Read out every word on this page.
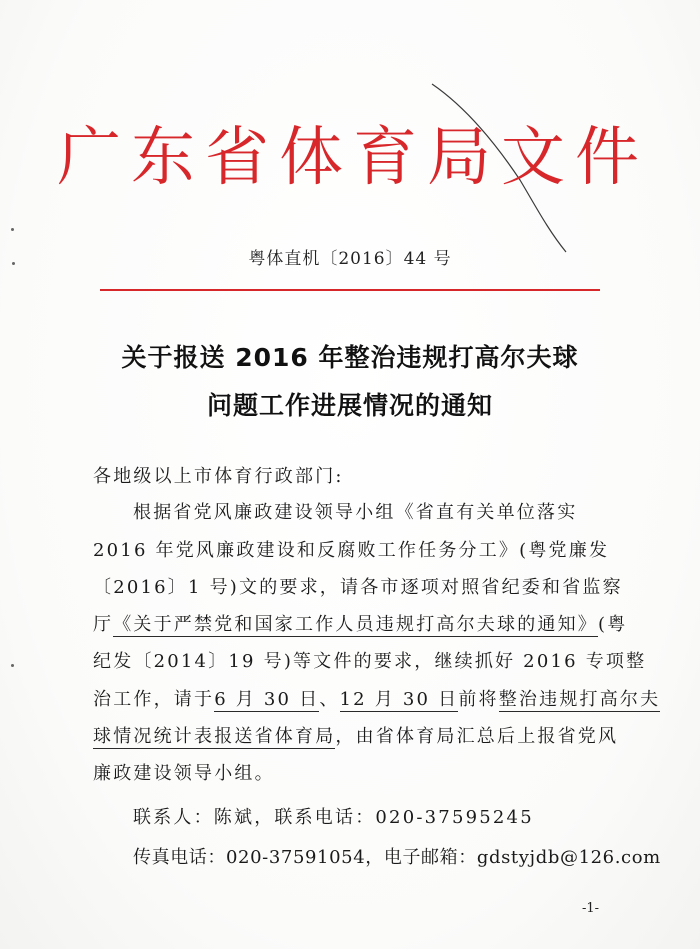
广东省体育局文件
粤体直机〔2016〕44 号
关于报送 2016 年整治违规打高尔夫球
问题工作进展情况的通知
各地级以上市体育行政部门:
根据省党风廉政建设领导小组《省直有关单位落实
2016 年党风廉政建设和反腐败工作任务分工》(粤党廉发
〔2016〕1 号)文的要求，请各市逐项对照省纪委和省监察
厅《关于严禁党和国家工作人员违规打高尔夫球的通知》(粤
纪发〔2014〕19 号)等文件的要求，继续抓好 2016 专项整
治工作，请于6 月 30 日、12 月 30 日前将整治违规打高尔夫
球情况统计表报送省体育局，由省体育局汇总后上报省党风
廉政建设领导小组。
联系人：陈斌，联系电话：020-37595245
传真电话：020-37591054，电子邮箱：gdstyjdb@126.com
-1-
